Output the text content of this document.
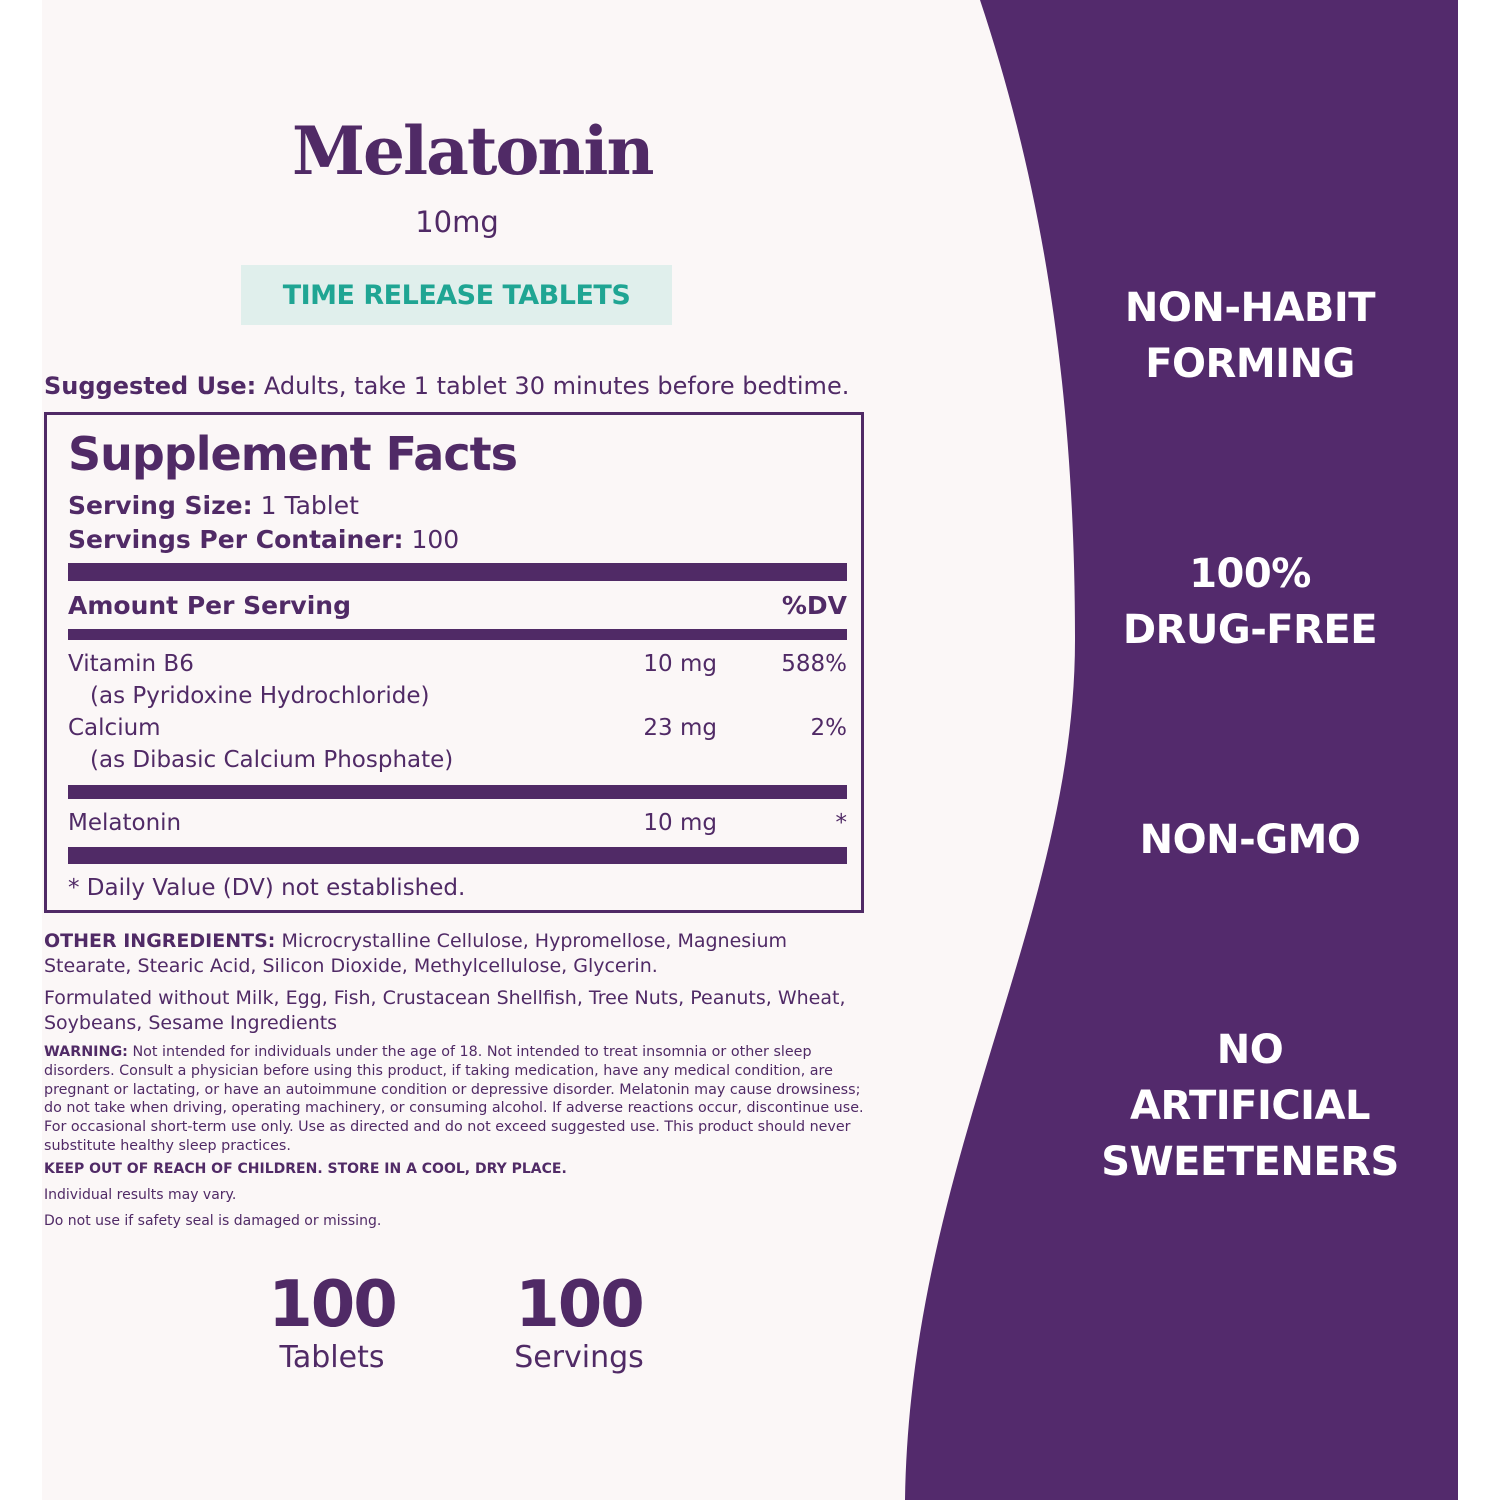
Melatonin
10mg
TIME RELEASE TABLETS
Suggested Use: Adults, take 1 tablet 30 minutes before bedtime.
Supplement Facts
Serving Size: 1 Tablet
Servings Per Container: 100
Amount Per Serving	%DV
Vitamin B6	10 mg	588%
(as Pyridoxine Hydrochloride)
Calcium	23 mg	2%
(as Dibasic Calcium Phosphate)
Melatonin	10 mg	*
* Daily Value (DV) not established.
OTHER INGREDIENTS: Microcrystalline Cellulose, Hypromellose, Magnesium Stearate, Stearic Acid, Silicon Dioxide, Methylcellulose, Glycerin.
Formulated without Milk, Egg, Fish, Crustacean Shellfish, Tree Nuts, Peanuts, Wheat, Soybeans, Sesame Ingredients
WARNING: Not intended for individuals under the age of 18. Not intended to treat insomnia or other sleep disorders. Consult a physician before using this product, if taking medication, have any medical condition, are pregnant or lactating, or have an autoimmune condition or depressive disorder. Melatonin may cause drowsiness; do not take when driving, operating machinery, or consuming alcohol. If adverse reactions occur, discontinue use. For occasional short-term use only. Use as directed and do not exceed suggested use. This product should never substitute healthy sleep practices.
KEEP OUT OF REACH OF CHILDREN. STORE IN A COOL, DRY PLACE.
Individual results may vary.
Do not use if safety seal is damaged or missing.
100
Tablets
100
Servings
NON-HABIT
FORMING
100%
DRUG-FREE
NON-GMO
NO
ARTIFICIAL
SWEETENERS
